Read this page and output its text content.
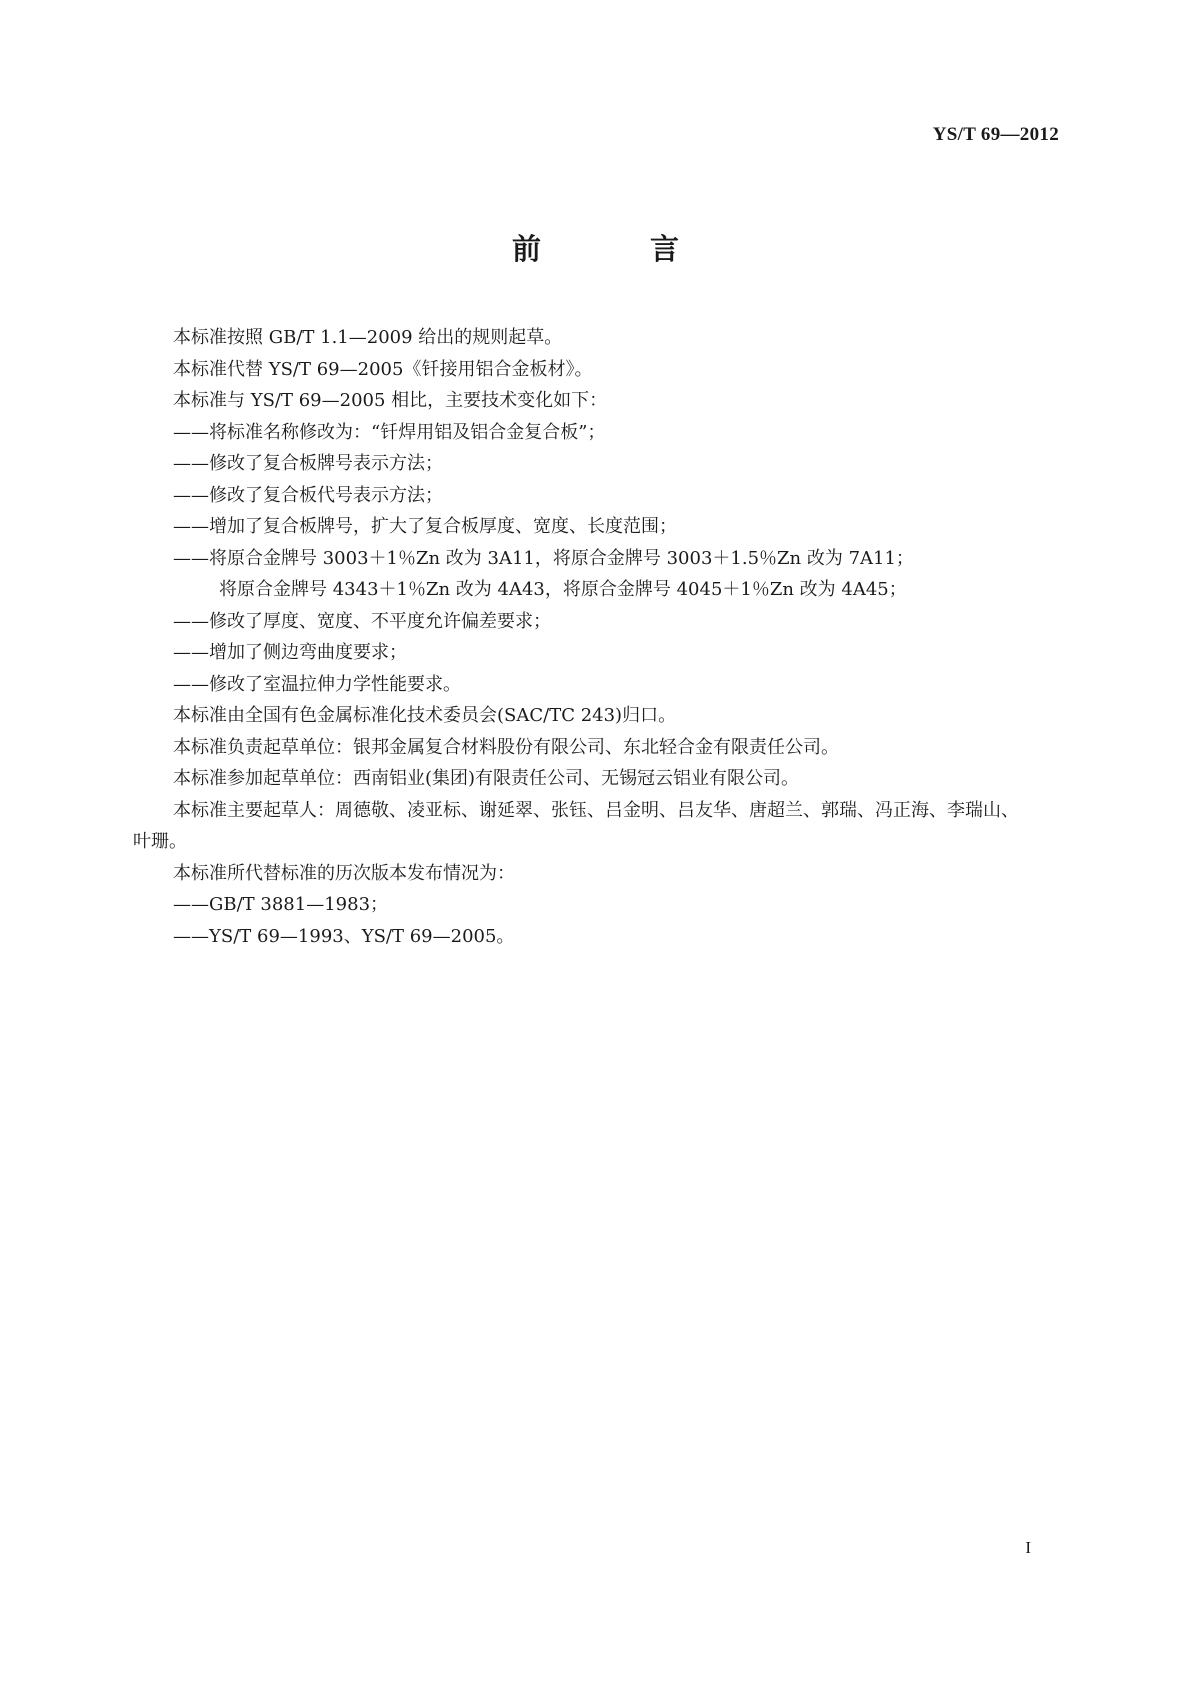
YS/T 69—2012
前　言
本标准按照 GB/T 1.1—2009 给出的规则起草。
本标准代替 YS/T 69—2005《钎接用铝合金板材》。
本标准与 YS/T 69—2005 相比，主要技术变化如下：
——将标准名称修改为：“钎焊用铝及铝合金复合板”；
——修改了复合板牌号表示方法；
——修改了复合板代号表示方法；
——增加了复合板牌号，扩大了复合板厚度、宽度、长度范围；
——将原合金牌号 3003＋1％Zn 改为 3A11，将原合金牌号 3003＋1.5％Zn 改为 7A11；
将原合金牌号 4343＋1％Zn 改为 4A43，将原合金牌号 4045＋1％Zn 改为 4A45；
——修改了厚度、宽度、不平度允许偏差要求；
——增加了侧边弯曲度要求；
——修改了室温拉伸力学性能要求。
本标准由全国有色金属标准化技术委员会(SAC/TC 243)归口。
本标准负责起草单位：银邦金属复合材料股份有限公司、东北轻合金有限责任公司。
本标准参加起草单位：西南铝业(集团)有限责任公司、无锡冠云铝业有限公司。
本标准主要起草人：周德敬、凌亚标、谢延翠、张钰、吕金明、吕友华、唐超兰、郭瑞、冯正海、李瑞山、
叶珊。
本标准所代替标准的历次版本发布情况为：
——GB/T 3881—1983；
——YS/T 69—1993、YS/T 69—2005。
I
